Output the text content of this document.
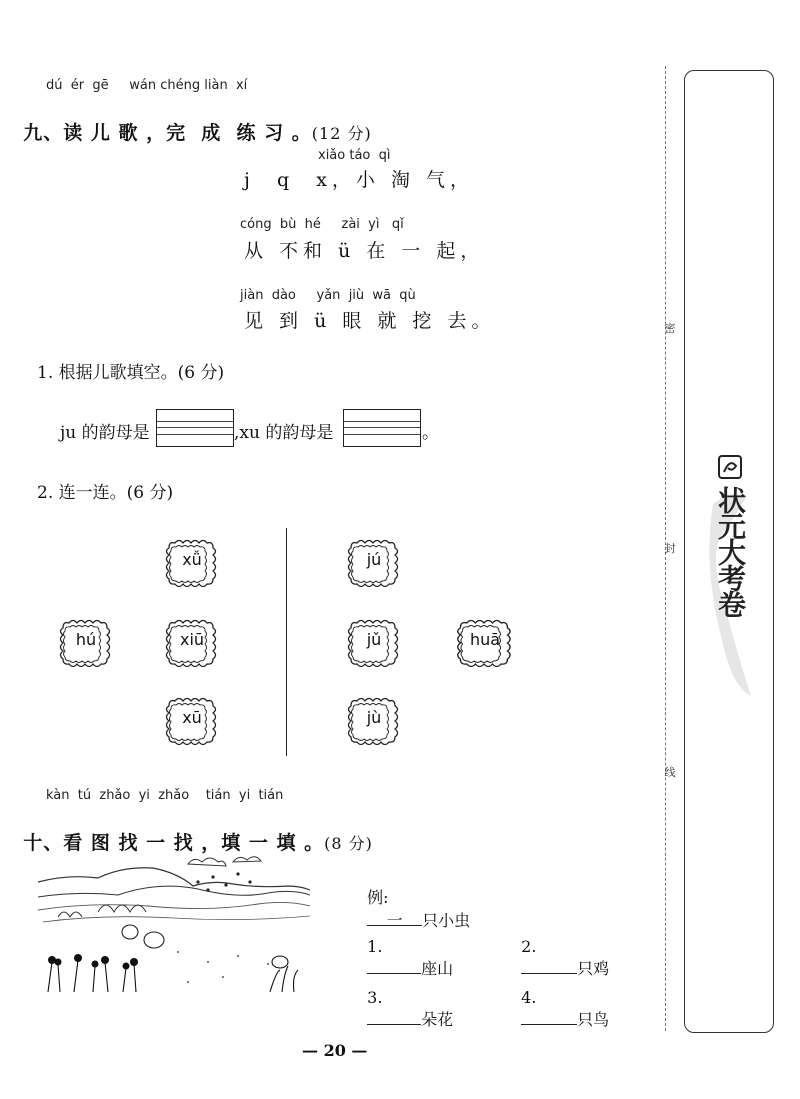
dú  ér  gē     wán chéng liàn  xí

九、读 儿 歌 ，完  成  练 习 。(12 分)

xiǎo táo  qì
j  q  x，小 淘 气，
cóng  bù  hé     zài  yì   qǐ
从 不和 ü 在 一 起，
jiàn  dào     yǎn  jiù  wā  qù
见 到 ü 眼 就 挖 去。
1. 根据儿歌填空。(6 分)
ju 的韵母是	,xu 的韵母是	。
2. 连一连。(6 分)
xǚ
hú	xiū
xū
jú
jǔ	huā
jù
kàn  tú  zhǎo  yi  zhǎo    tián  yi  tián

十、看 图 找 一 找 ，填 一 填 。(8 分)

例:
一 只小虫

1.
座山

2.
只鸡

3.
朵花

4.
只鸟

— 20 —
密
封
线
状元大考卷
